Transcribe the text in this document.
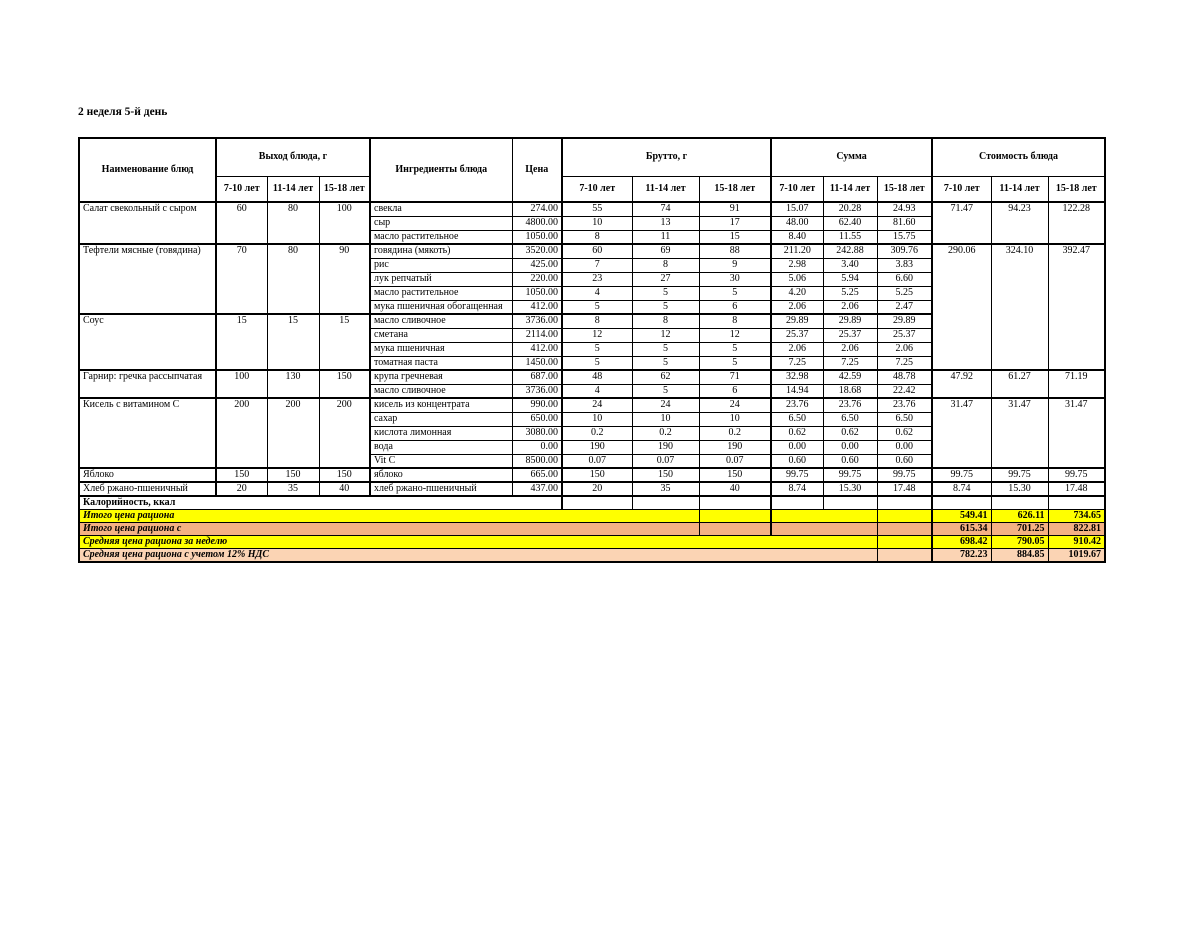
2 неделя 5-й день
Наименование блюд	Выход блюда, г			Ингредиенты блюда	Цена	Брутто, г			Сумма			Стоимость блюда		
	7-10 лет	11-14 лет	15-18 лет			7-10 лет	11-14 лет	15-18 лет	7-10 лет	11-14 лет	15-18 лет	7-10 лет	11-14 лет	15-18 лет
Салат свекольный с сыром	60	80	100	свекла	274.00	55	74	91	15.07	20.28	24.93	71.47	94.23	122.28
				сыр	4800.00	10	13	17	48.00	62.40	81.60			
				масло растительное	1050.00	8	11	15	8.40	11.55	15.75			
Тефтели мясные (говядина)	70	80	90	говядина (мякоть)	3520.00	60	69	88	211.20	242.88	309.76	290.06	324.10	392.47
				рис	425.00	7	8	9	2.98	3.40	3.83			
				лук репчатый	220.00	23	27	30	5.06	5.94	6.60			
				масло растительное	1050.00	4	5	5	4.20	5.25	5.25			
				мука пшеничная обогащенная	412.00	5	5	6	2.06	2.06	2.47			
Соус	15	15	15	масло сливочное	3736.00	8	8	8	29.89	29.89	29.89			
				сметана	2114.00	12	12	12	25.37	25.37	25.37			
				мука пшеничная	412.00	5	5	5	2.06	2.06	2.06			
				томатная паста	1450.00	5	5	5	7.25	7.25	7.25			
Гарнир: гречка рассыпчатая	100	130	150	крупа гречневая	687.00	48	62	71	32.98	42.59	48.78	47.92	61.27	71.19
				масло сливочное	3736.00	4	5	6	14.94	18.68	22.42			
Кисель с витамином С	200	200	200	кисель из концентрата	990.00	24	24	24	23.76	23.76	23.76	31.47	31.47	31.47
				сахар	650.00	10	10	10	6.50	6.50	6.50			
				кислота лимонная	3080.00	0.2	0.2	0.2	0.62	0.62	0.62			
				вода	0.00	190	190	190	0.00	0.00	0.00			
				Vit C	8500.00	0.07	0.07	0.07	0.60	0.60	0.60			
Яблоко	150	150	150	яблоко	665.00	150	150	150	99.75	99.75	99.75	99.75	99.75	99.75
Хлеб ржано-пшеничный	20	35	40	хлеб ржано-пшеничный	437.00	20	35	40	8.74	15.30	17.48	8.74	15.30	17.48
Калорийность, ккал														
Итого цена рациона												549.41	626.11	734.65
Итого цена рациона с												615.34	701.25	822.81
Средняя цена рациона за неделю												698.42	790.05	910.42
Средняя цена рациона с учетом 12% НДС												782.23	884.85	1019.67
